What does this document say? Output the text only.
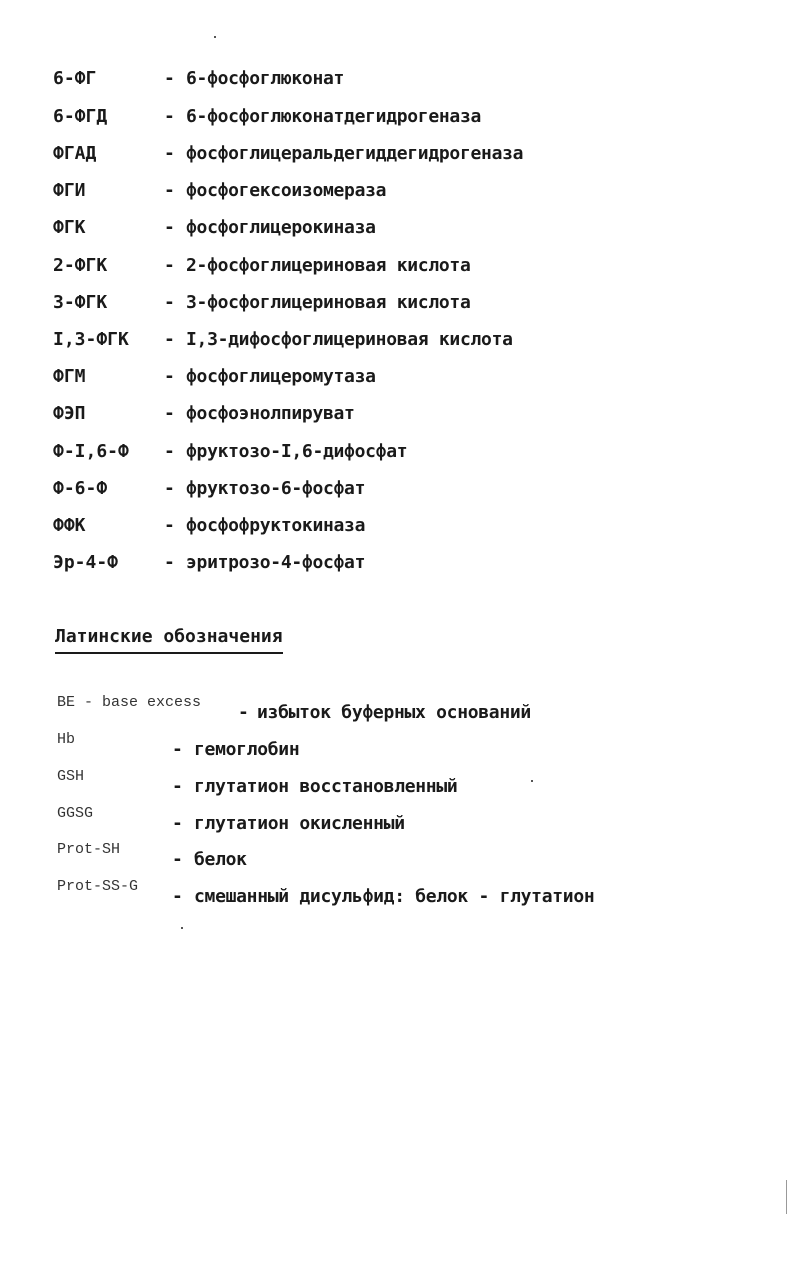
6-ФГ	- 6-фосфоглюконат
6-ФГД	- 6-фосфоглюконатдегидрогеназа
ФГАД	- фосфоглицеральдегиддегидрогеназа
ФГИ	- фосфогексоизомераза
ФГК	- фосфоглицерокиназа
2-ФГК	- 2-фосфоглицериновая кислота
3-ФГК	- 3-фосфоглицериновая кислота
I,3-ФГК - I,3-дифосфоглицериновая кислота
ФГМ	- фосфоглицеромутаза
ФЭП	- фосфоэнолпируват
Ф-I,6-Ф - фруктозо-I,6-дифосфат
Ф-6-Ф	- фруктозо-6-фосфат
ФФК	- фосфофруктокиназа
Эр-4-Ф	- эритрозо-4-фосфат
Латинские обозначения
BE - base excess - избыток буферных оснований
Hb	- гемоглобин
GSH	- глутатион восстановленный
GGSG	- глутатион окисленный
Prot-SH	- белок
Prot-SS-G - смешанный дисульфид: белок - глутатион
